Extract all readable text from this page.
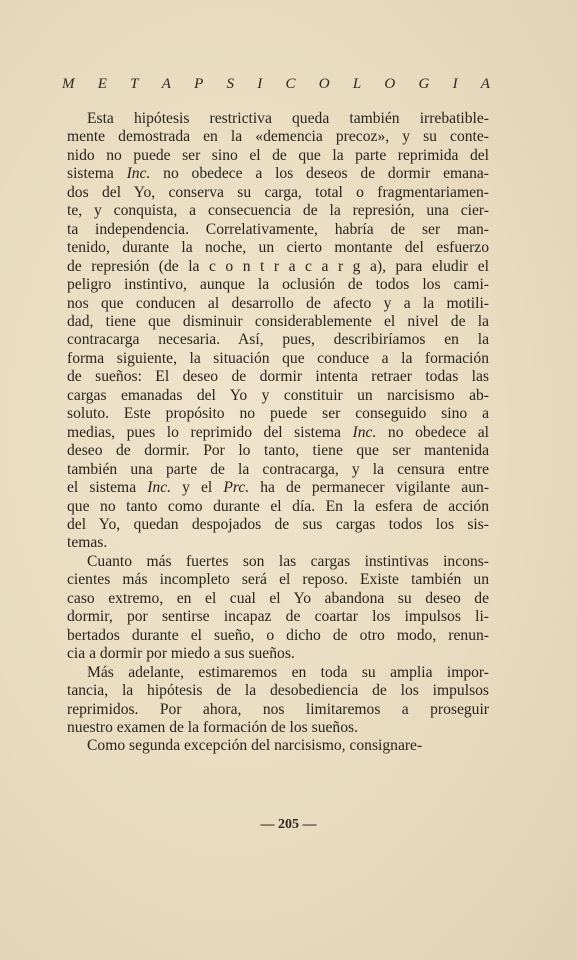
M E T A P S I C O L O G I A

Esta hipótesis restrictiva queda también irrebatible-
mente demostrada en la «demencia precoz», y su conte-
nido no puede ser sino el de que la parte reprimida del
sistema Inc. no obedece a los deseos de dormir emana-
dos del Yo, conserva su carga, total o fragmentariamen-
te, y conquista, a consecuencia de la represión, una cier-
ta independencia. Correlativamente, habría de ser man-
tenido, durante la noche, un cierto montante del esfuerzo
de represión (de la c o n t r a c a r g a), para eludir el
peligro instintivo, aunque la oclusión de todos los cami-
nos que conducen al desarrollo de afecto y a la motili-
dad, tiene que disminuir considerablemente el nivel de la
contracarga necesaria. Así, pues, describiríamos en la
forma siguiente, la situación que conduce a la formación
de sueños: El deseo de dormir intenta retraer todas las
cargas emanadas del Yo y constituir un narcisismo ab-
soluto. Este propósito no puede ser conseguido sino a
medias, pues lo reprimido del sistema Inc. no obedece al
deseo de dormir. Por lo tanto, tiene que ser mantenida
también una parte de la contracarga, y la censura entre
el sistema Inc. y el Prc. ha de permanecer vigilante aun-
que no tanto como durante el día. En la esfera de acción
del Yo, quedan despojados de sus cargas todos los sis-
temas.

Cuanto más fuertes son las cargas instintivas incons-
cientes más incompleto será el reposo. Existe también un
caso extremo, en el cual el Yo abandona su deseo de
dormir, por sentirse incapaz de coartar los impulsos li-
bertados durante el sueño, o dicho de otro modo, renun-
cia a dormir por miedo a sus sueños.

Más adelante, estimaremos en toda su amplia impor-
tancia, la hipótesis de la desobediencia de los impulsos
reprimidos. Por ahora, nos limitaremos a proseguir
nuestro examen de la formación de los sueños.

Como segunda excepción del narcisismo, consignare-

— 205 —
